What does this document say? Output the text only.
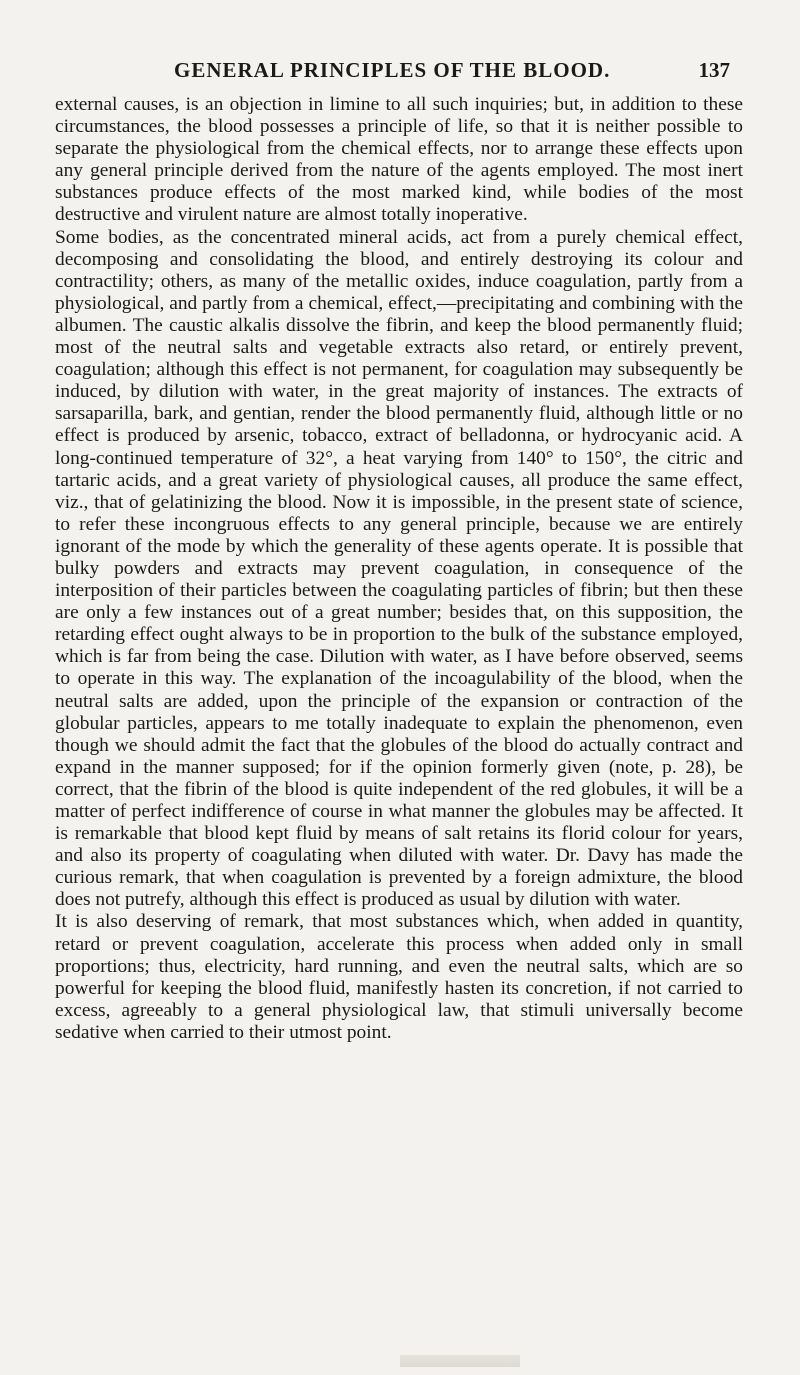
GENERAL PRINCIPLES OF THE BLOOD.	137

external causes, is an objection in limine to all such inquiries; but, in addition to these circumstances, the blood possesses a principle of life, so that it is neither possible to separate the physiological from the chemical effects, nor to arrange these effects upon any general principle derived from the nature of the agents employed. The most inert substances produce effects of the most marked kind, while bodies of the most destructive and virulent nature are almost totally inoperative.

Some bodies, as the concentrated mineral acids, act from a purely chemical effect, decomposing and consolidating the blood, and entirely destroying its colour and contractility; others, as many of the metallic oxides, induce coagulation, partly from a physiological, and partly from a chemical, effect,—precipitating and combining with the albumen. The caustic alkalis dissolve the fibrin, and keep the blood permanently fluid; most of the neutral salts and vegetable extracts also retard, or entirely prevent, coagulation; although this effect is not permanent, for coagulation may subsequently be induced, by dilution with water, in the great majority of instances. The extracts of sarsaparilla, bark, and gentian, render the blood permanently fluid, although little or no effect is produced by arsenic, tobacco, extract of belladonna, or hydrocyanic acid. A long-continued temperature of 32°, a heat varying from 140° to 150°, the citric and tartaric acids, and a great variety of physiological causes, all produce the same effect, viz., that of gelatinizing the blood. Now it is impossible, in the present state of science, to refer these incongruous effects to any general principle, because we are entirely ignorant of the mode by which the generality of these agents operate. It is possible that bulky powders and extracts may prevent coagulation, in consequence of the interposition of their particles between the coagulating particles of fibrin; but then these are only a few instances out of a great number; besides that, on this supposition, the retarding effect ought always to be in proportion to the bulk of the substance employed, which is far from being the case. Dilution with water, as I have before observed, seems to operate in this way. The explanation of the incoagulability of the blood, when the neutral salts are added, upon the principle of the expansion or contraction of the globular particles, appears to me totally inadequate to explain the phenomenon, even though we should admit the fact that the globules of the blood do actually contract and expand in the manner supposed; for if the opinion formerly given (note, p. 28), be correct, that the fibrin of the blood is quite independent of the red globules, it will be a matter of perfect indifference of course in what manner the globules may be affected. It is remarkable that blood kept fluid by means of salt retains its florid colour for years, and also its property of coagulating when diluted with water. Dr. Davy has made the curious remark, that when coagulation is prevented by a foreign admixture, the blood does not putrefy, although this effect is produced as usual by dilution with water.

It is also deserving of remark, that most substances which, when added in quantity, retard or prevent coagulation, accelerate this process when added only in small proportions; thus, electricity, hard running, and even the neutral salts, which are so powerful for keeping the blood fluid, manifestly hasten its concretion, if not carried to excess, agreeably to a general physiological law, that stimuli universally become sedative when carried to their utmost point.
